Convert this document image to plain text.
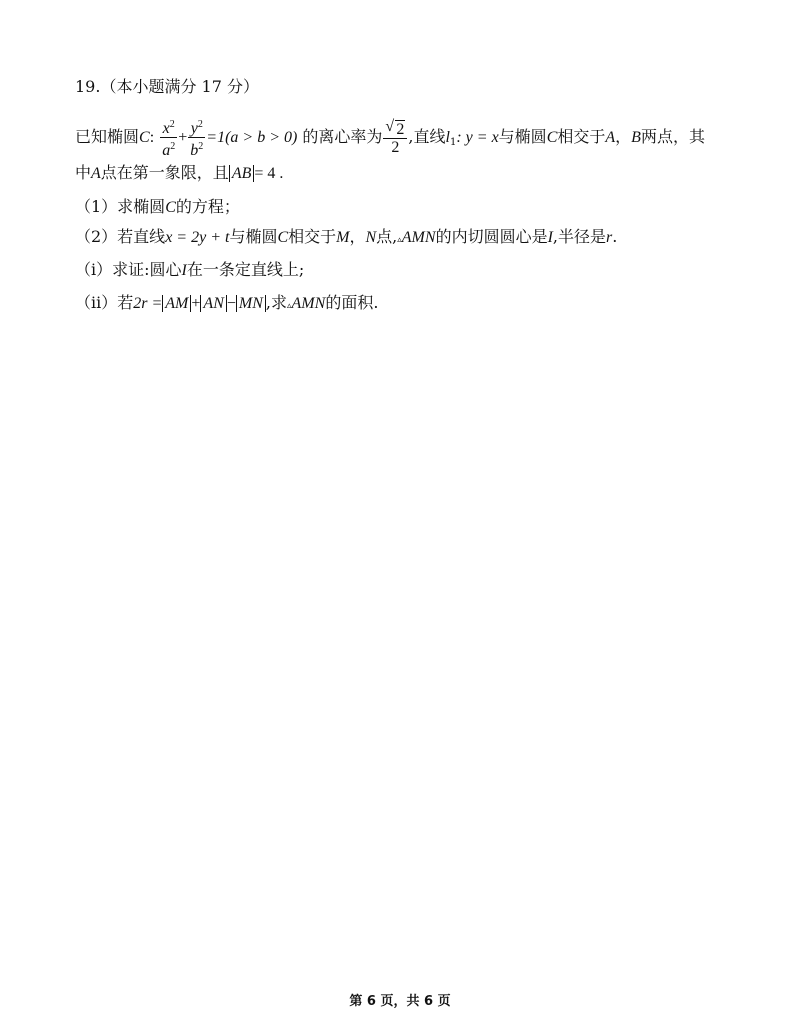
19.（本小题满分 17 分）
已知椭圆C: $\frac{x^2}{a^2} + \frac{y^2}{b^2} =1(a > b > 0)$ 的离心率为 $\frac{√ 2}{2}$ ,直线$l_1$: y = x与椭圆C相交于A，B两点，其
中A点在第一象限，且 AB = 4 .
（1）求椭圆C的方程；
（2）若直线x = 2y + t与椭圆C相交于M，N点,▵AMN的内切圆圆心是I,半径是r.
（i）求证:圆心I在一条定直线上;
（ii）若2r = AM + AN − MN ,求▵AMN的面积.
第 6 页，共 6 页
